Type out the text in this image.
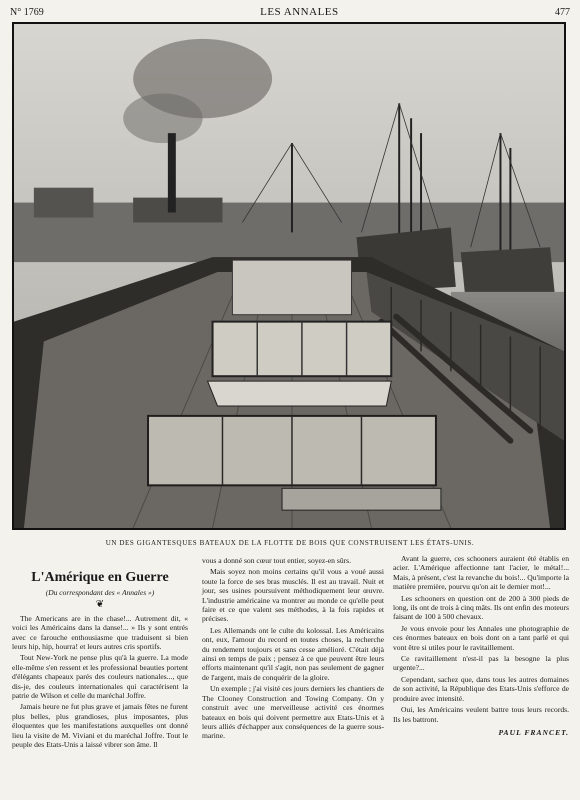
N° 1769	LES ANNALES	477
UN DES GIGANTESQUES BATEAUX DE LA FLOTTE DE BOIS QUE CONSTRUISENT LES ÉTATS-UNIS.
L'Amérique en Guerre
(Du correspondant des « Annales »)
❦

The Americans are in the chase!... Autrement dit, « voici les Américains dans la danse!... » Ils y sont entrés avec ce farouche enthousiasme que traduisent si bien leurs hip, hip, hourra! et leurs autres cris sportifs.

Tout New-York ne pense plus qu'à la guerre. La mode elle-même s'en ressent et les professional beauties portent d'élégants chapeaux parés des couleurs nationales..., que dis-je, des couleurs internationales qui caractérisent la patrie de Wilson et celle du maréchal Joffre.

Jamais heure ne fut plus grave et jamais fêtes ne furent plus belles, plus grandioses, plus imposantes, plus éloquentes que les manifestations auxquelles ont donné lieu la visite de M. Viviani et du maréchal Joffre. Tout le peuple des Etats-Unis a laissé vibrer son âme. Il

vous a donné son cœur tout entier, soyez-en sûrs.

Mais soyez non moins certains qu'il vous a voué aussi toute la force de ses bras musclés. Il est au travail. Nuit et jour, ses usines poursuivent méthodiquement leur œuvre. L'industrie américaine va montrer au monde ce qu'elle peut faire et ce que valent ses méthodes, à la fois rapides et précises.

Les Allemands ont le culte du kolossal. Les Américains ont, eux, l'amour du record en toutes choses, la recherche du rendement toujours et sans cesse amélioré. C'était déjà ainsi en temps de paix ; pensez à ce que peuvent être leurs efforts maintenant qu'il s'agit, non pas seulement de gagner de l'argent, mais de conquérir de la gloire.

Un exemple ; j'ai visité ces jours derniers les chantiers de The Clooney Construction and Towing Company. On y construit avec une merveilleuse activité ces énormes bateaux en bois qui doivent permettre aux Etats-Unis et à leurs alliés d'échapper aux conséquences de la guerre sous-marine.

Avant la guerre, ces schooners auraient été établis en acier. L'Amérique affectionne tant l'acier, le métal!... Mais, à présent, c'est la revanche du bois!... Qu'importe la matière première, pourvu qu'on ait le dernier mot!...

Les schooners en question ont de 200 à 300 pieds de long, ils ont de trois à cinq mâts. Ils ont enfin des moteurs faisant de 100 à 500 chevaux.

Je vous envoie pour les Annales une photographie de ces énormes bateaux en bois dont on a tant parlé et qui vont être si utiles pour le ravitaillement.

Ce ravitaillement n'est-il pas la besogne la plus urgente?...

Cependant, sachez que, dans tous les autres domaines de son activité, la République des Etats-Unis s'efforce de produire avec intensité.

Oui, les Américains veulent battre tous leurs records. Ils les battront.

PAUL FRANCET.
